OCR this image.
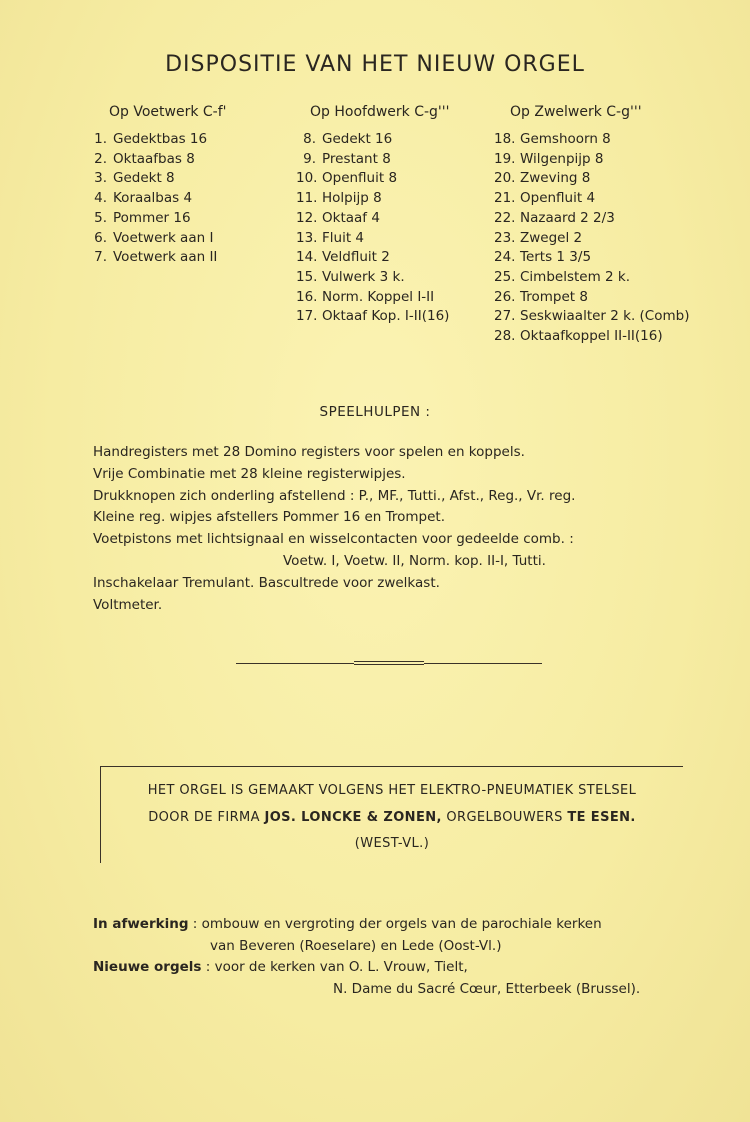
DISPOSITIE VAN HET NIEUW ORGEL
Op Voetwerk C-f'
1. Gedektbas 16
2. Oktaafbas 8
3. Gedekt 8
4. Koraalbas 4
5. Pommer 16
6. Voetwerk aan I
7. Voetwerk aan II
Op Hoofdwerk C-g'''
8. Gedekt 16
9. Prestant 8
10. Openfluit 8
11. Holpijp 8
12. Oktaaf 4
13. Fluit 4
14. Veldfluit 2
15. Vulwerk 3 k.
16. Norm. Koppel I-II
17. Oktaaf Kop. I-II(16)
Op Zwelwerk C-g'''
18. Gemshoorn 8
19. Wilgenpijp 8
20. Zweving 8
21. Openfluit 4
22. Nazaard 2 2/3
23. Zwegel 2
24. Terts 1 3/5
25. Cimbelstem 2 k.
26. Trompet 8
27. Seskwiaalter 2 k. (Comb)
28. Oktaafkoppel II-II(16)
SPEELHULPEN :
Handregisters met 28 Domino registers voor spelen en koppels.
Vrije Combinatie met 28 kleine registerwipjes.
Drukknopen zich onderling afstellend : P., MF., Tutti., Afst., Reg., Vr. reg.
Kleine reg. wipjes afstellers Pommer 16 en Trompet.
Voetpistons met lichtsignaal en wisselcontacten voor gedeelde comb. :
Voetw. I, Voetw. II, Norm. kop. II-I, Tutti.
Inschakelaar Tremulant. Bascultrede voor zwelkast.
Voltmeter.
HET ORGEL IS GEMAAKT VOLGENS HET ELEKTRO-PNEUMATIEK STELSEL
DOOR DE FIRMA JOS. LONCKE & ZONEN, ORGELBOUWERS TE ESEN.
(WEST-VL.)
In afwerking : ombouw en vergroting der orgels van de parochiale kerken
van Beveren (Roeselare) en Lede (Oost-Vl.)
Nieuwe orgels : voor de kerken van O. L. Vrouw, Tielt,
N. Dame du Sacré Cœur, Etterbeek (Brussel).
